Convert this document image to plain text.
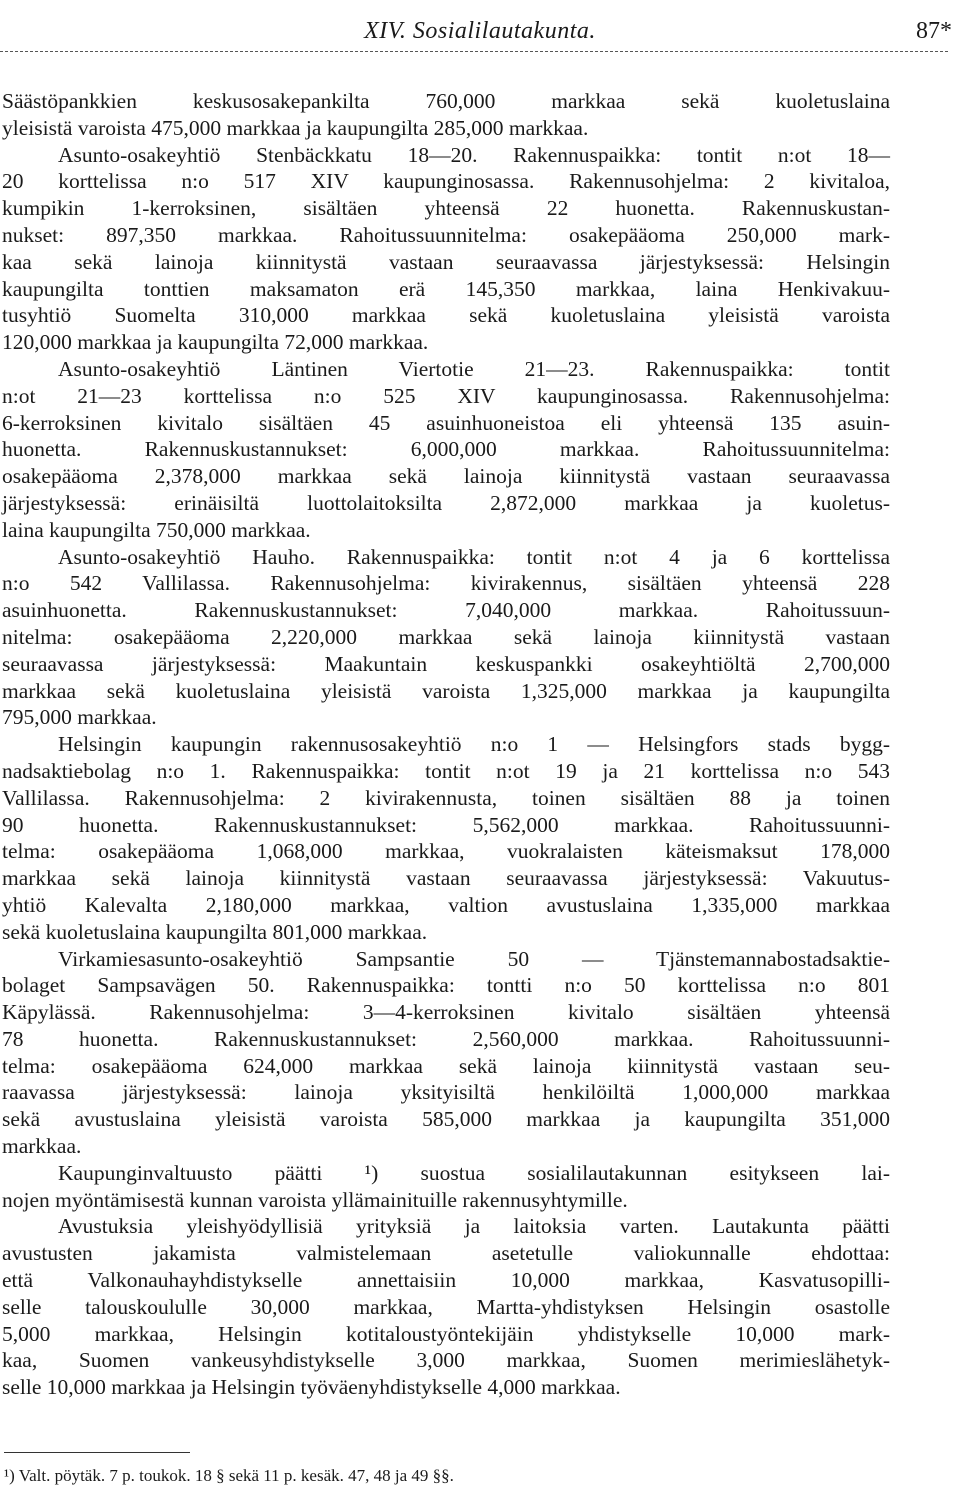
XIV. Sosialilautakunta.	87*
Säästöpankkien keskusosakepankilta 760,000 markkaa sekä kuoletuslaina
yleisistä varoista 475,000 markkaa ja kaupungilta 285,000 markkaa.
Asunto-osakeyhtiö Stenbäckkatu 18—20. Rakennuspaikka: tontit n:ot 18—
20 korttelissa n:o 517 XIV kaupunginosassa. Rakennusohjelma: 2 kivitaloa,
kumpikin 1-kerroksinen, sisältäen yhteensä 22 huonetta. Rakennuskustan-
nukset: 897,350 markkaa. Rahoitussuunnitelma: osakepääoma 250,000 mark-
kaa sekä lainoja kiinnitystä vastaan seuraavassa järjestyksessä: Helsingin
kaupungilta tonttien maksamaton erä 145,350 markkaa, laina Henkivakuu-
tusyhtiö Suomelta 310,000 markkaa sekä kuoletuslaina yleisistä varoista
120,000 markkaa ja kaupungilta 72,000 markkaa.
Asunto-osakeyhtiö Läntinen Viertotie 21—23. Rakennuspaikka: tontit
n:ot 21—23 korttelissa n:o 525 XIV kaupunginosassa. Rakennusohjelma:
6-kerroksinen kivitalo sisältäen 45 asuinhuoneistoa eli yhteensä 135 asuin-
huonetta. Rakennuskustannukset: 6,000,000 markkaa. Rahoitussuunnitelma:
osakepääoma 2,378,000 markkaa sekä lainoja kiinnitystä vastaan seuraavassa
järjestyksessä: erinäisiltä luottolaitoksilta 2,872,000 markkaa ja kuoletus-
laina kaupungilta 750,000 markkaa.
Asunto-osakeyhtiö Hauho. Rakennuspaikka: tontit n:ot 4 ja 6 korttelissa
n:o 542 Vallilassa. Rakennusohjelma: kivirakennus, sisältäen yhteensä 228
asuinhuonetta. Rakennuskustannukset: 7,040,000 markkaa. Rahoitussuun-
nitelma: osakepääoma 2,220,000 markkaa sekä lainoja kiinnitystä vastaan
seuraavassa järjestyksessä: Maakuntain keskuspankki osakeyhtiöltä 2,700,000
markkaa sekä kuoletuslaina yleisistä varoista 1,325,000 markkaa ja kaupungilta
795,000 markkaa.
Helsingin kaupungin rakennusosakeyhtiö n:o 1 — Helsingfors stads bygg-
nadsaktiebolag n:o 1. Rakennuspaikka: tontit n:ot 19 ja 21 korttelissa n:o 543
Vallilassa. Rakennusohjelma: 2 kivirakennusta, toinen sisältäen 88 ja toinen
90 huonetta. Rakennuskustannukset: 5,562,000 markkaa. Rahoitussuunni-
telma: osakepääoma 1,068,000 markkaa, vuokralaisten käteismaksut 178,000
markkaa sekä lainoja kiinnitystä vastaan seuraavassa järjestyksessä: Vakuutus-
yhtiö Kalevalta 2,180,000 markkaa, valtion avustuslaina 1,335,000 markkaa
sekä kuoletuslaina kaupungilta 801,000 markkaa.
Virkamiesasunto-osakeyhtiö Sampsantie 50 — Tjänstemannabostadsaktie-
bolaget Sampsavägen 50. Rakennuspaikka: tontti n:o 50 korttelissa n:o 801
Käpylässä. Rakennusohjelma: 3—4-kerroksinen kivitalo sisältäen yhteensä
78 huonetta. Rakennuskustannukset: 2,560,000 markkaa. Rahoitussuunni-
telma: osakepääoma 624,000 markkaa sekä lainoja kiinnitystä vastaan seu-
raavassa järjestyksessä: lainoja yksityisiltä henkilöiltä 1,000,000 markkaa
sekä avustuslaina yleisistä varoista 585,000 markkaa ja kaupungilta 351,000
markkaa.
Kaupunginvaltuusto päätti ¹) suostua sosialilautakunnan esitykseen lai-
nojen myöntämisestä kunnan varoista yllämainituille rakennusyhtymille.
Avustuksia yleishyödyllisiä yrityksiä ja laitoksia varten. Lautakunta päätti
avustusten jakamista valmistelemaan asetetulle valiokunnalle ehdottaa:
että Valkonauhayhdistykselle annettaisiin 10,000 markkaa, Kasvatusopilli-
selle talouskoululle 30,000 markkaa, Martta-yhdistyksen Helsingin osastolle
5,000 markkaa, Helsingin kotitaloustyöntekijäin yhdistykselle 10,000 mark-
kaa, Suomen vankeusyhdistykselle 3,000 markkaa, Suomen merimieslähetyk-
selle 10,000 markkaa ja Helsingin työväenyhdistykselle 4,000 markkaa.
¹) Valt. pöytäk. 7 p. toukok. 18 § sekä 11 p. kesäk. 47, 48 ja 49 §§.
